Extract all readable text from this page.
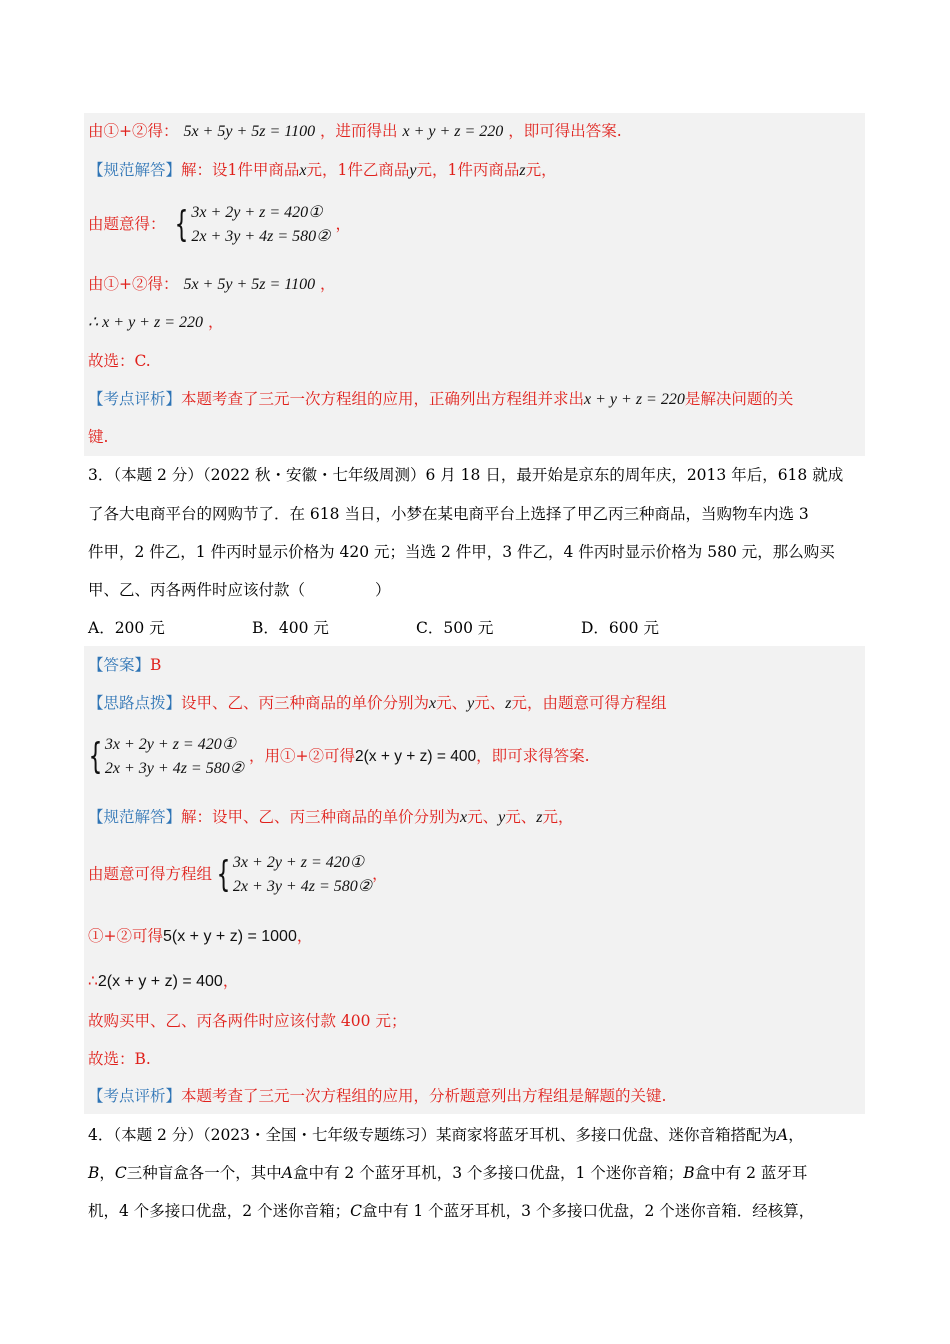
由①+②得： 5x + 5y + 5z = 1100 ，进而得出 x + y + z = 220 ，即可得出答案.
【规范解答】解：设1件甲商品x元，1件乙商品y元，1件丙商品z元，
由题意得： { 3x + 2y + z = 420①
2x + 3y + 4z = 580②
，
由①+②得： 5x + 5y + 5z = 1100 ，
∴ x + y + z = 220 ，
故选：C.
【考点评析】本题考查了三元一次方程组的应用，正确列出方程组并求出x + y + z = 220是解决问题的关
键.
3．（本题 2 分）（2022 秋・安徽・七年级周测）6 月 18 日，最开始是京东的周年庆，2013 年后，618 就成
了各大电商平台的网购节了．在 618 当日，小梦在某电商平台上选择了甲乙丙三种商品，当购物车内选 3
件甲，2 件乙，1 件丙时显示价格为 420 元；当选 2 件甲，3 件乙，4 件丙时显示价格为 580 元，那么购买
甲、乙、丙各两件时应该付款（	）
A．200 元	B．400 元	C．500 元	D．600 元
【答案】B
【思路点拨】设甲、乙、丙三种商品的单价分别为x元、y元、z元，由题意可得方程组
{ 3x + 2y + z = 420①
2x + 3y + 4z = 580②
，用①+②可得2(x + y + z) = 400，即可求得答案.
【规范解答】解：设甲、乙、丙三种商品的单价分别为x元、y元、z元，
由题意可得方程组 { 3x + 2y + z = 420①
2x + 3y + 4z = 580②
，
①+②可得5(x + y + z) = 1000，
∴2(x + y + z) = 400，
故购买甲、乙、丙各两件时应该付款 400 元；
故选：B.
【考点评析】本题考查了三元一次方程组的应用，分析题意列出方程组是解题的关键.
4．（本题 2 分）（2023・全国・七年级专题练习）某商家将蓝牙耳机、多接口优盘、迷你音箱搭配为A，
B，C三种盲盒各一个，其中A盒中有 2 个蓝牙耳机，3 个多接口优盘，1 个迷你音箱；B盒中有 2 蓝牙耳
机，4 个多接口优盘，2 个迷你音箱；C盒中有 1 个蓝牙耳机，3 个多接口优盘，2 个迷你音箱．经核算，
